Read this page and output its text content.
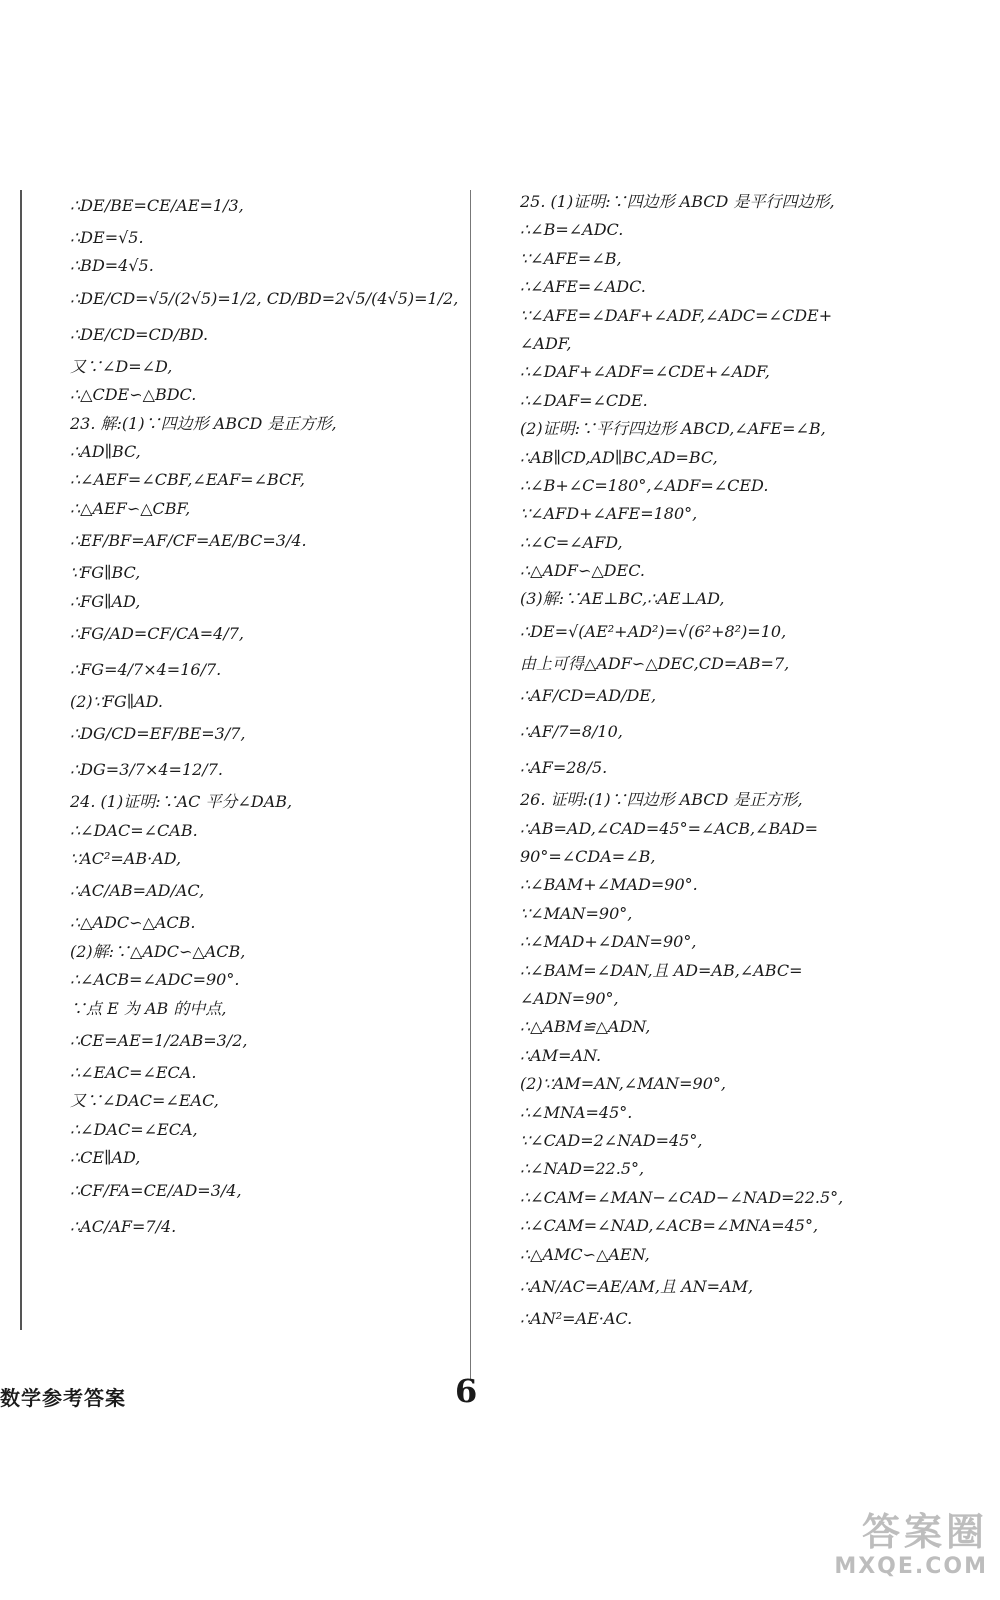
∴DE/BE=CE/AE=1/3,
∴DE=√5.
∴BD=4√5.
∴DE/CD=√5/(2√5)=1/2, CD/BD=2√5/(4√5)=1/2,
∴DE/CD=CD/BD.
又∵∠D=∠D,
∴△CDE∽△BDC.
23. 解:(1)∵四边形 ABCD 是正方形,
∴AD∥BC,
∴∠AEF=∠CBF,∠EAF=∠BCF,
∴△AEF∽△CBF,
∴EF/BF=AF/CF=AE/BC=3/4.
∵FG∥BC,
∴FG∥AD,
∴FG/AD=CF/CA=4/7,
∴FG=4/7×4=16/7.
(2)∵FG∥AD.
∴DG/CD=EF/BE=3/7,
∴DG=3/7×4=12/7.
24. (1)证明:∵AC 平分∠DAB,
∴∠DAC=∠CAB.
∵AC²=AB·AD,
∴AC/AB=AD/AC,
∴△ADC∽△ACB.
(2)解:∵△ADC∽△ACB,
∴∠ACB=∠ADC=90°.
∵点 E 为 AB 的中点,
∴CE=AE=1/2AB=3/2,
∴∠EAC=∠ECA.
又∵∠DAC=∠EAC,
∴∠DAC=∠ECA,
∴CE∥AD,
∴CF/FA=CE/AD=3/4,
∴AC/AF=7/4.
25. (1)证明:∵四边形 ABCD 是平行四边形,
∴∠B=∠ADC.
∵∠AFE=∠B,
∴∠AFE=∠ADC.
∵∠AFE=∠DAF+∠ADF,∠ADC=∠CDE+
∠ADF,
∴∠DAF+∠ADF=∠CDE+∠ADF,
∴∠DAF=∠CDE.
(2)证明:∵平行四边形 ABCD,∠AFE=∠B,
∴AB∥CD,AD∥BC,AD=BC,
∴∠B+∠C=180°,∠ADF=∠CED.
∵∠AFD+∠AFE=180°,
∴∠C=∠AFD,
∴△ADF∽△DEC.
(3)解:∵AE⊥BC,∴AE⊥AD,
∴DE=√(AE²+AD²)=√(6²+8²)=10,
由上可得△ADF∽△DEC,CD=AB=7,
∴AF/CD=AD/DE,
∴AF/7=8/10,
∴AF=28/5.
26. 证明:(1)∵四边形 ABCD 是正方形,
∴AB=AD,∠CAD=45°=∠ACB,∠BAD=
90°=∠CDA=∠B,
∴∠BAM+∠MAD=90°.
∵∠MAN=90°,
∴∠MAD+∠DAN=90°,
∴∠BAM=∠DAN,且 AD=AB,∠ABC=
∠ADN=90°,
∴△ABM≌△ADN,
∴AM=AN.
(2)∵AM=AN,∠MAN=90°,
∴∠MNA=45°.
∵∠CAD=2∠NAD=45°,
∴∠NAD=22.5°,
∴∠CAM=∠MAN−∠CAD−∠NAD=22.5°,
∴∠CAM=∠NAD,∠ACB=∠MNA=45°,
∴△AMC∽△AEN,
∴AN/AC=AE/AM,且 AN=AM,
∴AN²=AE·AC.
数学参考答案	6
答案圈
MXQE.COM
